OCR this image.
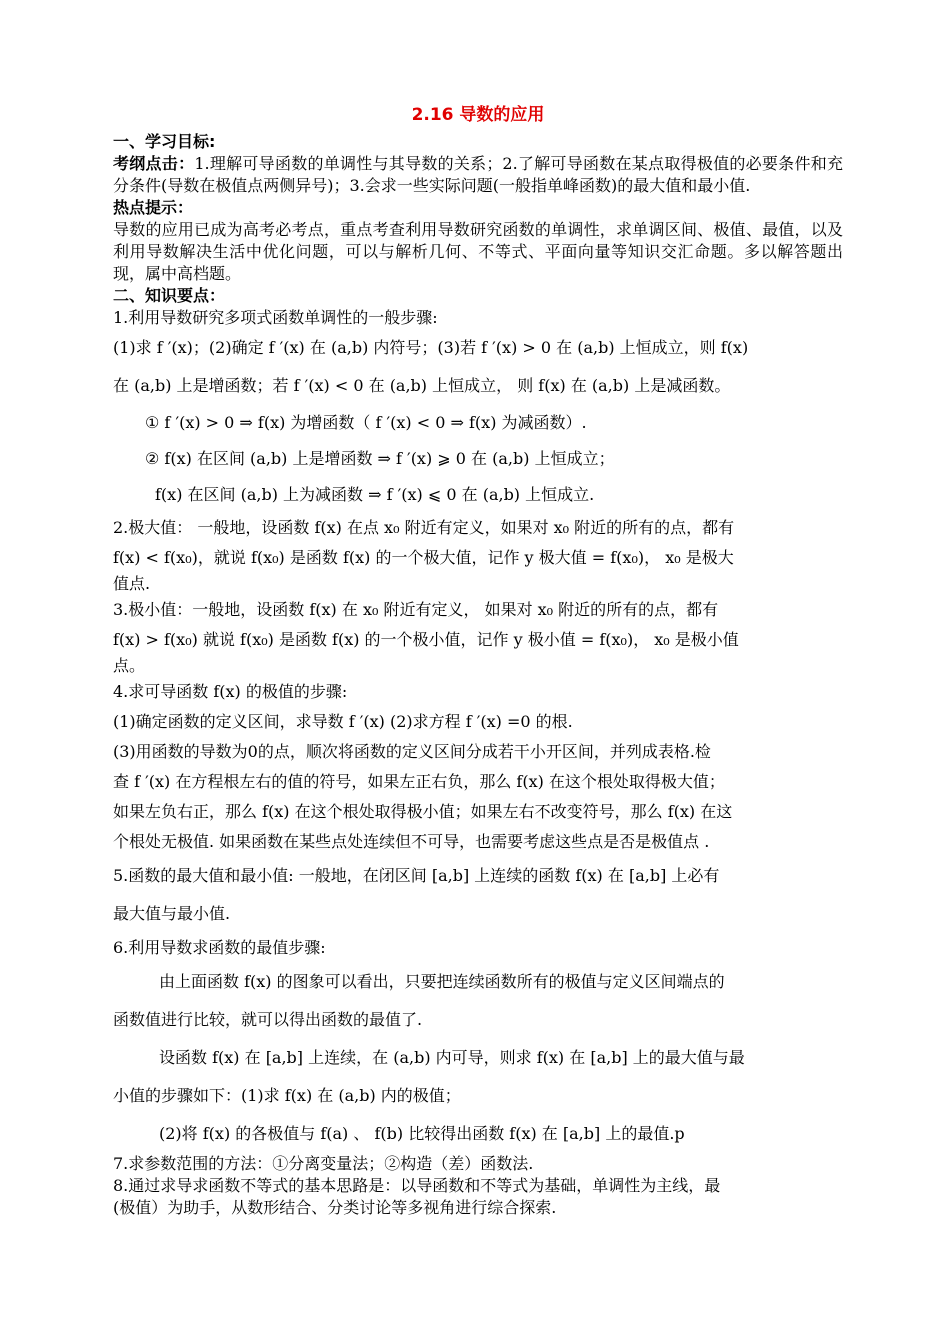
2.16 导数的应用

一、学习目标:

考纲点击：1.理解可导函数的单调性与其导数的关系；2.了解可导函数在某点取得极值的必要条件和充分条件(导数在极值点两侧异号)；3.会求一些实际问题(一般指单峰函数)的最大值和最小值.

热点提示：

导数的应用已成为高考必考点，重点考查利用导数研究函数的单调性，求单调区间、极值、最值，以及利用导数解决生活中优化问题，可以与解析几何、不等式、平面向量等知识交汇命题。多以解答题出现，属中高档题。

二、知识要点：

1.利用导数研究多项式函数单调性的一般步骤:

(1)求 f ′(x)；(2)确定 f ′(x) 在 (a,b) 内符号；(3)若 f ′(x) > 0 在 (a,b) 上恒成立，则 f(x)

在 (a,b) 上是增函数；若 f ′(x) < 0 在 (a,b) 上恒成立， 则 f(x) 在 (a,b) 上是减函数。

① f ′(x) > 0 ⇒ f(x) 为增函数（ f ′(x) < 0 ⇒ f(x) 为减函数）.

② f(x) 在区间 (a,b) 上是增函数 ⇒ f ′(x) ⩾ 0 在 (a,b) 上恒成立；

f(x) 在区间 (a,b) 上为减函数 ⇒ f ′(x) ⩽ 0 在 (a,b) 上恒成立.

2.极大值： 一般地，设函数 f(x) 在点 x₀ 附近有定义，如果对 x₀ 附近的所有的点，都有

f(x) < f(x₀)，就说 f(x₀) 是函数 f(x) 的一个极大值，记作 y 极大值 = f(x₀)， x₀ 是极大

值点.

3.极小值：一般地，设函数 f(x) 在 x₀ 附近有定义， 如果对 x₀ 附近的所有的点，都有

f(x) > f(x₀) 就说 f(x₀) 是函数 f(x) 的一个极小值，记作 y 极小值 = f(x₀)， x₀ 是极小值

点。

4.求可导函数 f(x) 的极值的步骤:

(1)确定函数的定义区间，求导数 f ′(x) (2)求方程 f ′(x) =0 的根.

(3)用函数的导数为0的点，顺次将函数的定义区间分成若干小开区间，并列成表格.检

查 f ′(x) 在方程根左右的值的符号，如果左正右负，那么 f(x) 在这个根处取得极大值；

如果左负右正，那么 f(x) 在这个根处取得极小值；如果左右不改变符号，那么 f(x) 在这

个根处无极值. 如果函数在某些点处连续但不可导，也需要考虑这些点是否是极值点 .

5.函数的最大值和最小值: 一般地，在闭区间 [a,b] 上连续的函数 f(x) 在 [a,b] 上必有

最大值与最小值.

6.利用导数求函数的最值步骤:

由上面函数 f(x) 的图象可以看出，只要把连续函数所有的极值与定义区间端点的

函数值进行比较，就可以得出函数的最值了.

设函数 f(x) 在 [a,b] 上连续，在 (a,b) 内可导，则求 f(x) 在 [a,b] 上的最大值与最

小值的步骤如下：(1)求 f(x) 在 (a,b) 内的极值；

(2)将 f(x) 的各极值与 f(a) 、 f(b) 比较得出函数 f(x) 在 [a,b] 上的最值.p

7.求参数范围的方法：①分离变量法；②构造（差）函数法.

8.通过求导求函数不等式的基本思路是：以导函数和不等式为基础，单调性为主线，最

(极值）为助手，从数形结合、分类讨论等多视角进行综合探索.
